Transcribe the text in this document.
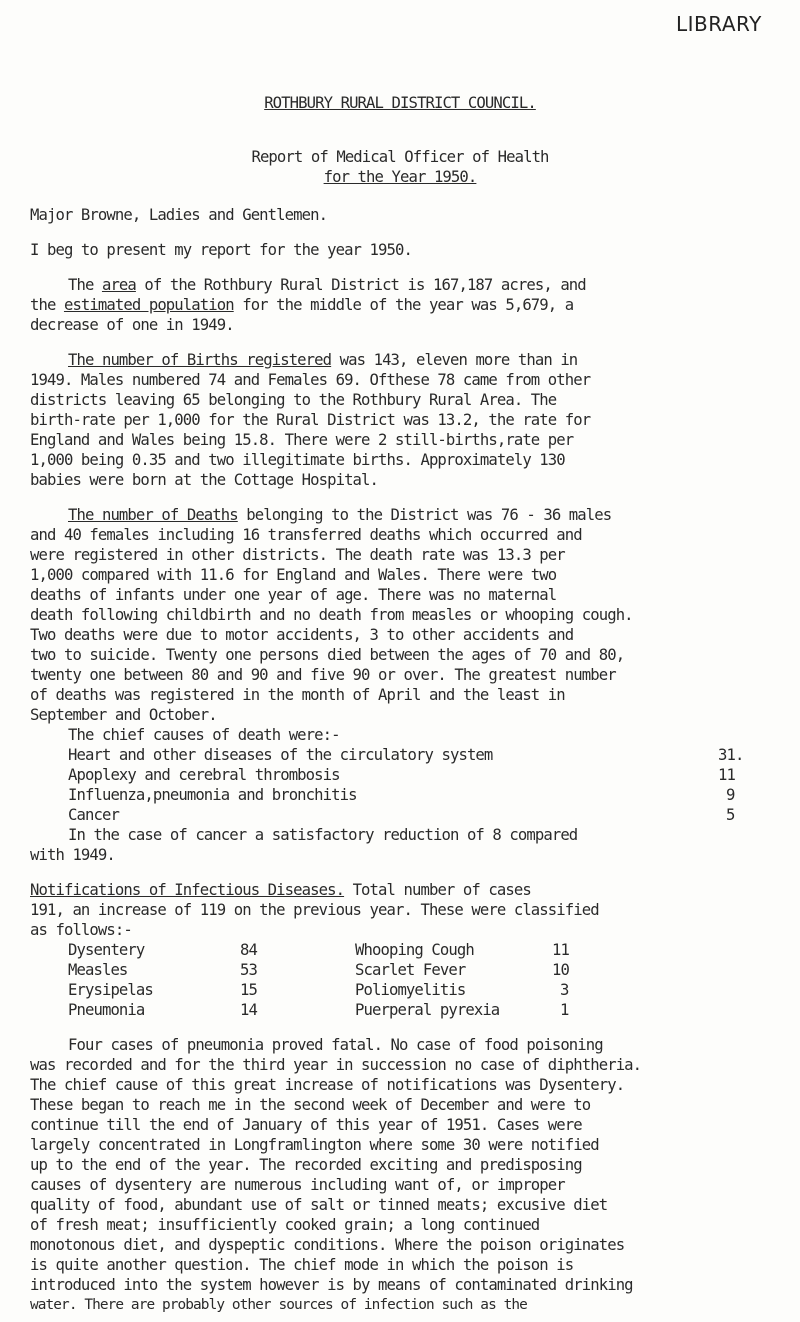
LIBRARY
ROTHBURY RURAL DISTRICT COUNCIL.
Report of Medical Officer of Health
for the Year 1950.
Major Browne, Ladies and Gentlemen.
I beg to present my report for the year 1950.
The area of the Rothbury Rural District is 167,187 acres, and
the estimated population for the middle of the year was 5,679, a
decrease of one in 1949.
The number of Births registered was 143, eleven more than in
1949. Males numbered 74 and Females 69. Ofthese 78 came from other
districts leaving 65 belonging to the Rothbury Rural Area. The
birth-rate per 1,000 for the Rural District was 13.2, the rate for
England and Wales being 15.8. There were 2 still-births,rate per
1,000 being 0.35 and two illegitimate births. Approximately 130
babies were born at the Cottage Hospital.
The number of Deaths belonging to the District was 76 - 36 males
and 40 females including 16 transferred deaths which occurred and
were registered in other districts. The death rate was 13.3 per
1,000 compared with 11.6 for England and Wales. There were two
deaths of infants under one year of age. There was no maternal
death following childbirth and no death from measles or whooping cough.
Two deaths were due to motor accidents, 3 to other accidents and
two to suicide. Twenty one persons died between the ages of 70 and 80,
twenty one between 80 and 90 and five 90 or over. The greatest number
of deaths was registered in the month of April and the least in
September and October.
The chief causes of death were:-
Heart and other diseases of the circulatory system	31.
Apoplexy and cerebral thrombosis	11
Influenza,pneumonia and bronchitis	9
Cancer	5
In the case of cancer a satisfactory reduction of 8 compared
with 1949.
Notifications of Infectious Diseases. Total number of cases
191, an increase of 119 on the previous year. These were classified
as follows:-
Dysentery	84	Whooping Cough	11
Measles	53	Scarlet Fever	10
Erysipelas	15	Poliomyelitis	3
Pneumonia	14	Puerperal pyrexia	1
Four cases of pneumonia proved fatal. No case of food poisoning
was recorded and for the third year in succession no case of diphtheria.
The chief cause of this great increase of notifications was Dysentery.
These began to reach me in the second week of December and were to
continue till the end of January of this year of 1951. Cases were
largely concentrated in Longframlington where some 30 were notified
up to the end of the year. The recorded exciting and predisposing
causes of dysentery are numerous including want of, or improper
quality of food, abundant use of salt or tinned meats; excusive diet
of fresh meat; insufficiently cooked grain; a long continued
monotonous diet, and dyspeptic conditions. Where the poison originates
is quite another question. The chief mode in which the poison is
introduced into the system however is by means of contaminated drinking
water. There are probably other sources of infection such as the
